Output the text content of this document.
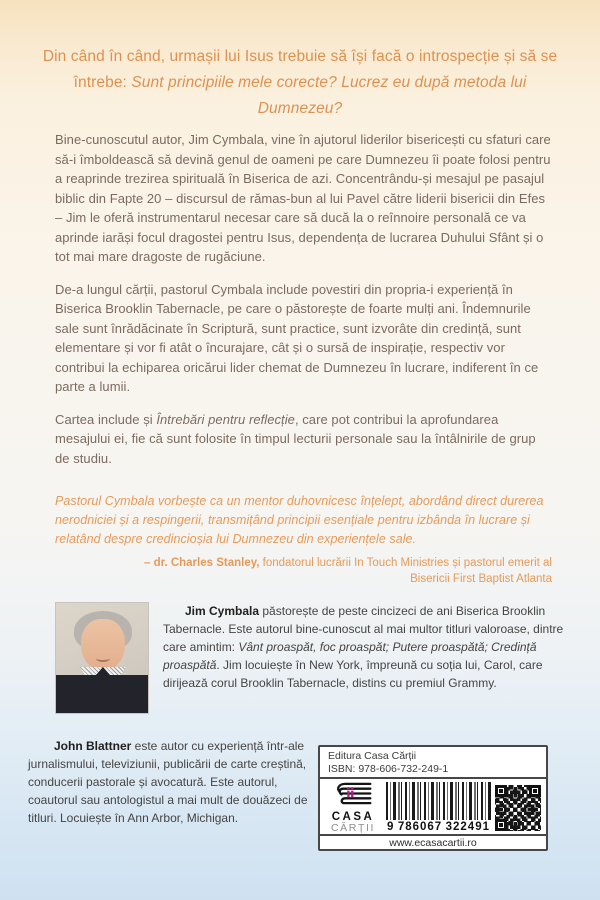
Din când în când, urmașii lui Isus trebuie să își facă o introspecție și să se întrebe: Sunt principiile mele corecte? Lucrez eu după metoda lui Dumnezeu?

Bine-cunoscutul autor, Jim Cymbala, vine în ajutorul liderilor bisericești cu sfaturi care să-i îmboldească să devină genul de oameni pe care Dumnezeu îi poate folosi pentru a reaprinde trezirea spirituală în Biserica de azi. Concentrându-și mesajul pe pasajul biblic din Fapte 20 – discursul de rămas-bun al lui Pavel către liderii bisericii din Efes – Jim le oferă instrumentarul necesar care să ducă la o reînnoire personală ce va aprinde iarăși focul dragostei pentru Isus, dependența de lucrarea Duhului Sfânt și o tot mai mare dragoste de rugăciune.

De-a lungul cărții, pastorul Cymbala include povestiri din propria-i experiență în Biserica Brooklin Tabernacle, pe care o păstorește de foarte mulți ani. Îndemnurile sale sunt înrădăcinate în Scriptură, sunt practice, sunt izvorâte din credință, sunt elementare și vor fi atât o încurajare, cât și o sursă de inspirație, respectiv vor contribui la echiparea oricărui lider chemat de Dumnezeu în lucrare, indiferent în ce parte a lumii.

Cartea include și Întrebări pentru reflecție, care pot contribui la aprofundarea mesajului ei, fie că sunt folosite în timpul lecturii personale sau la întâlnirile de grup de studiu.

Pastorul Cymbala vorbește ca un mentor duhovnicesc înțelept, abordând direct durerea nerodniciei și a respingerii, transmițând principii esențiale pentru izbânda în lucrare și relatând despre credincioșia lui Dumnezeu din experiențele sale.
– dr. Charles Stanley, fondatorul lucrării In Touch Ministries și pastorul emerit al Bisericii First Baptist Atlanta
Jim Cymbala păstorește de peste cincizeci de ani Biserica Brooklin Tabernacle. Este autorul bine-cunoscut al mai multor titluri valoroase, dintre care amintim: Vânt proaspăt, foc proaspăt; Putere proaspătă; Credință proaspătă. Jim locuiește în New York, împreună cu soția lui, Carol, care dirijează corul Brooklin Tabernacle, distins cu premiul Grammy.
John Blattner este autor cu experiență într-ale jurnalismului, televiziunii, publicării de carte creștină, conducerii pastorale și avocatură. Este autorul, coautorul sau antologistul a mai mult de douăzeci de titluri. Locuiește în Ann Arbor, Michigan.
Editura Casa Cărții
ISBN: 978-606-732-249-1
CASA
CĂRȚII	9 786067 322491
www.ecasacartii.ro
